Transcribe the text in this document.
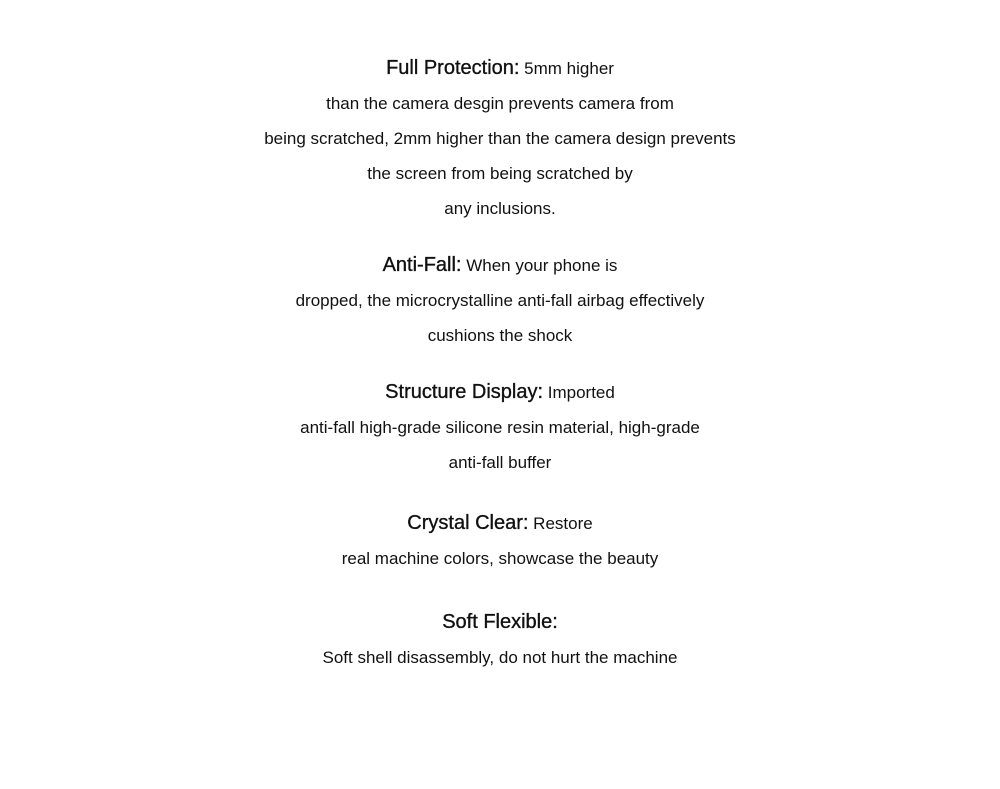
Full Protection: 5mm higher
than the camera desgin prevents camera from
being scratched, 2mm higher than the camera design prevents
the screen from being scratched by
any inclusions.
Anti-Fall: When your phone is
dropped, the microcrystalline anti-fall airbag effectively
cushions the shock
Structure Display: Imported
anti-fall high-grade silicone resin material, high-grade
anti-fall buffer
Crystal Clear: Restore
real machine colors, showcase the beauty
Soft Flexible:
Soft shell disassembly, do not hurt the machine
